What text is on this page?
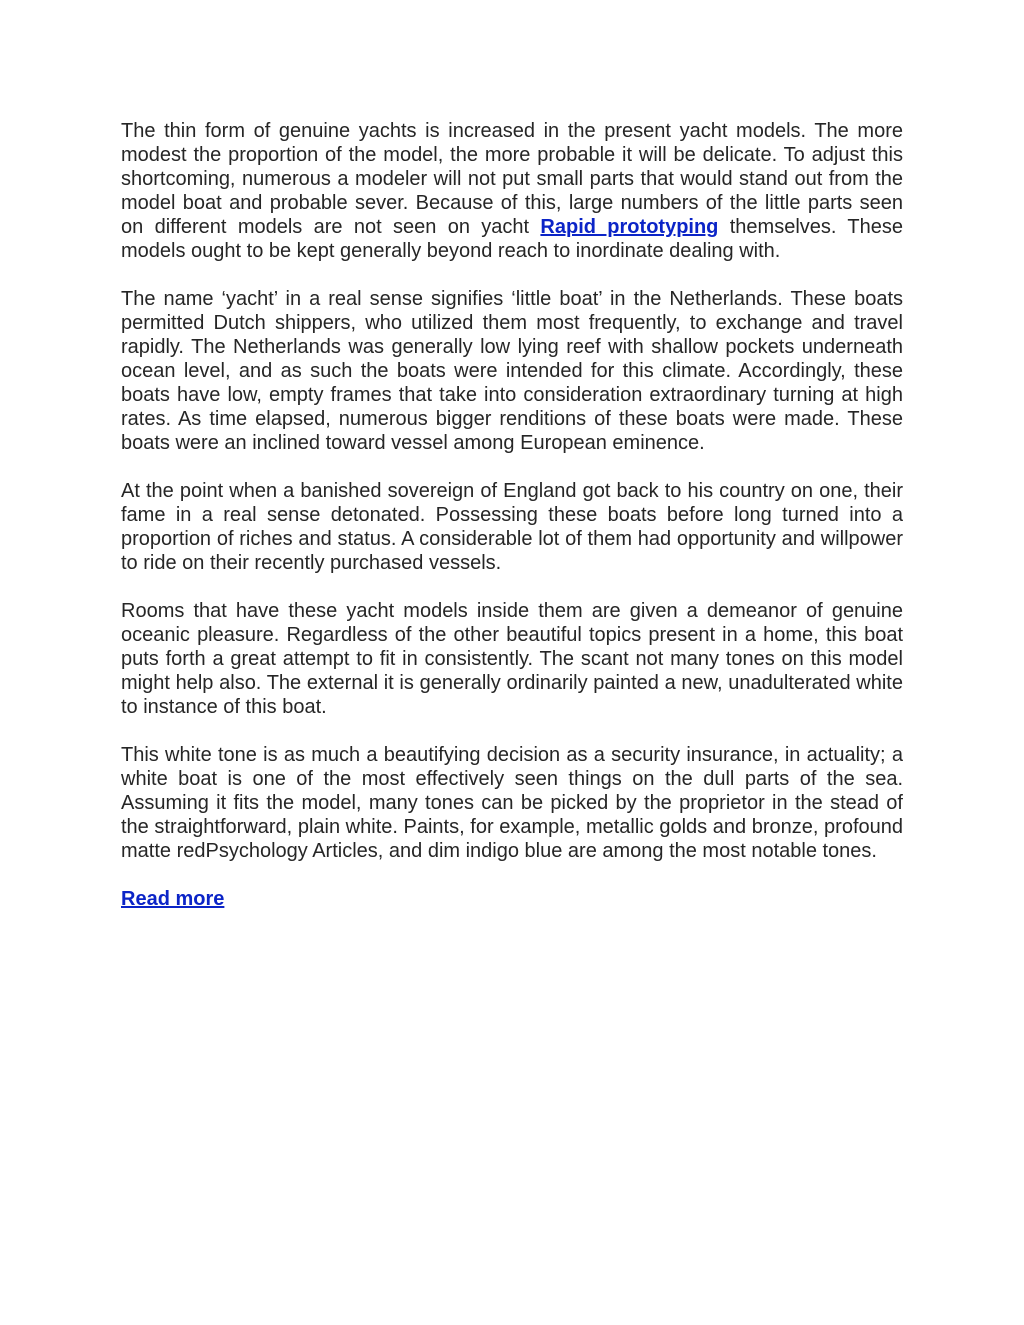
The thin form of genuine yachts is increased in the present yacht models. The more modest the proportion of the model, the more probable it will be delicate. To adjust this shortcoming, numerous a modeler will not put small parts that would stand out from the model boat and probable sever. Because of this, large numbers of the little parts seen on different models are not seen on yacht Rapid prototyping themselves. These models ought to be kept generally beyond reach to inordinate dealing with.

The name ‘yacht’ in a real sense signifies ‘little boat’ in the Netherlands. These boats permitted Dutch shippers, who utilized them most frequently, to exchange and travel rapidly. The Netherlands was generally low lying reef with shallow pockets underneath ocean level, and as such the boats were intended for this climate. Accordingly, these boats have low, empty frames that take into consideration extraordinary turning at high rates. As time elapsed, numerous bigger renditions of these boats were made. These boats were an inclined toward vessel among European eminence.

At the point when a banished sovereign of England got back to his country on one, their fame in a real sense detonated. Possessing these boats before long turned into a proportion of riches and status. A considerable lot of them had opportunity and willpower to ride on their recently purchased vessels.

Rooms that have these yacht models inside them are given a demeanor of genuine oceanic pleasure. Regardless of the other beautiful topics present in a home, this boat puts forth a great attempt to fit in consistently. The scant not many tones on this model might help also. The external it is generally ordinarily painted a new, unadulterated white to instance of this boat.

This white tone is as much a beautifying decision as a security insurance, in actuality; a white boat is one of the most effectively seen things on the dull parts of the sea. Assuming it fits the model, many tones can be picked by the proprietor in the stead of the straightforward, plain white. Paints, for example, metallic golds and bronze, profound matte redPsychology Articles, and dim indigo blue are among the most notable tones.

Read more
